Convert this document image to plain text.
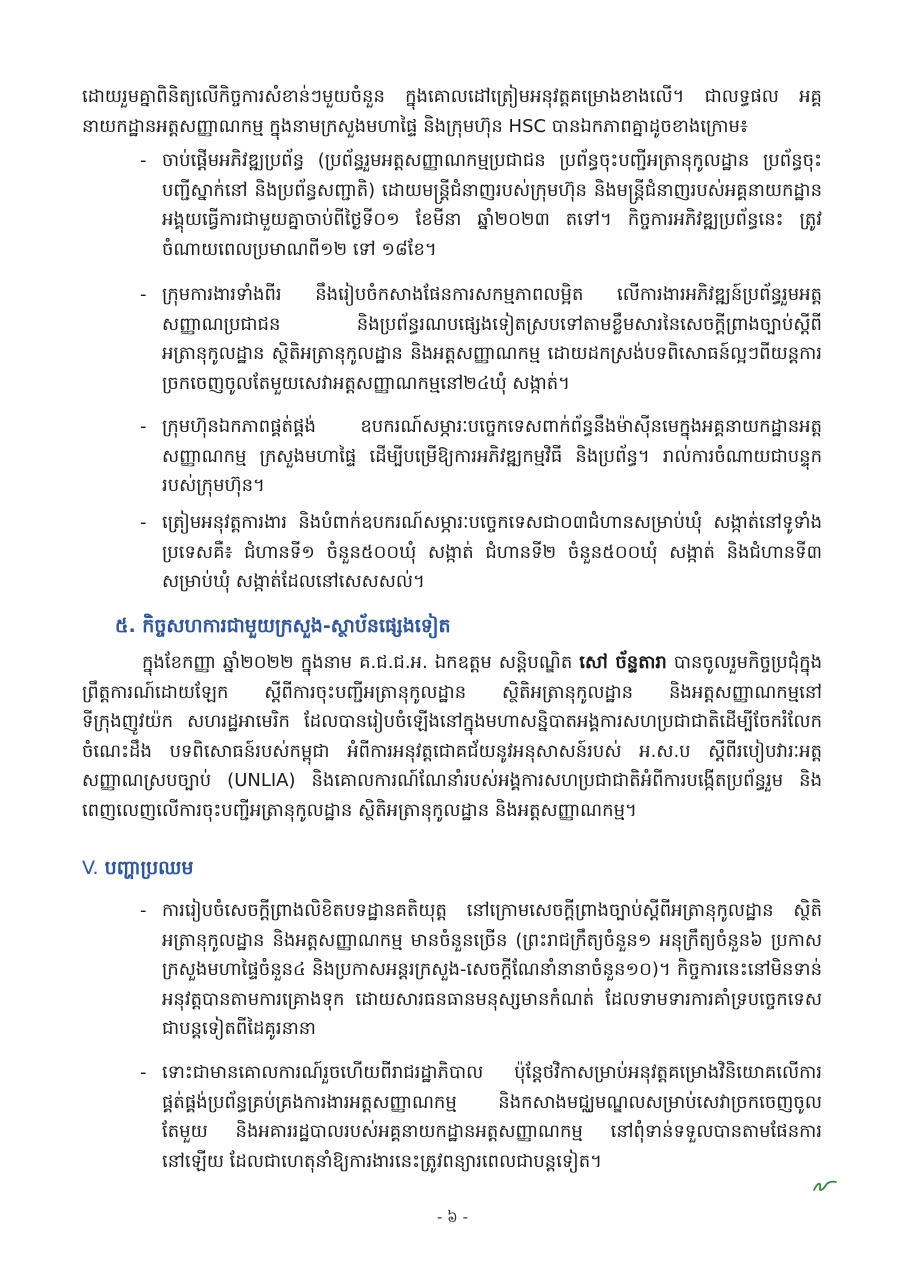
ដោយរួមគ្នាពិនិត្យលើកិច្ចការសំខាន់ៗមួយចំនួន ក្នុងគោលដៅត្រៀមអនុវត្តគម្រោងខាងលើ។ ជាលទ្ធផល អគ្គនាយកដ្ឋានអត្តសញ្ញាណកម្ម ក្នុងនាមក្រសួងមហាផ្ទៃ និងក្រុមហ៊ុន HSC បានឯកភាពគ្នាដូចខាងក្រោម៖
- ចាប់ផ្ដើមអភិវឌ្ឍប្រព័ន្ធ (ប្រព័ន្ធរួមអត្តសញ្ញាណកម្មប្រជាជន ប្រព័ន្ធចុះបញ្ជីអត្រានុកូលដ្ឋាន ប្រព័ន្ធចុះបញ្ជីស្នាក់នៅ និងប្រព័ន្ធសញ្ជាតិ) ដោយមន្ត្រីជំនាញរបស់ក្រុមហ៊ុន និងមន្ត្រីជំនាញរបស់អគ្គនាយកដ្ឋានអង្គុយធ្វើការជាមួយគ្នាចាប់ពីថ្ងៃទី០១ ខែមីនា ឆ្នាំ២០២៣ តទៅ។ កិច្ចការអភិវឌ្ឍប្រព័ន្ធនេះ ត្រូវចំណាយពេលប្រមាណពី១២ ទៅ ១៨ខែ។
- ក្រុមការងារទាំងពីរ នឹងរៀបចំកសាងផែនការសកម្មភាពលម្អិត លើការងារអភិវឌ្ឍន៍ប្រព័ន្ធរួមអត្តសញ្ញាណប្រជាជន និងប្រព័ន្ធរណបផ្សេងទៀតស្របទៅតាមខ្លឹមសារនៃសេចក្ដីព្រាងច្បាប់ស្ដីពីអត្រានុកូលដ្ឋាន ស្ថិតិអត្រានុកូលដ្ឋាន និងអត្តសញ្ញាណកម្ម ដោយដកស្រង់បទពិសោធន៍ល្អៗពីយន្តការច្រកចេញចូលតែមួយសេវាអត្តសញ្ញាណកម្មនៅ២៤ឃុំ សង្កាត់។
- ក្រុមហ៊ុនឯកភាពផ្គត់ផ្គង់ ឧបករណ៍សម្ភារៈបច្ចេកទេសពាក់ព័ន្ធនឹងម៉ាស៊ីនមេក្នុងអគ្គនាយកដ្ឋានអត្តសញ្ញាណកម្ម ក្រសួងមហាផ្ទៃ ដើម្បីបម្រើឱ្យការអភិវឌ្ឍកម្មវិធី និងប្រព័ន្ធ។ រាល់ការចំណាយជាបន្ទុករបស់ក្រុមហ៊ុន។
- ត្រៀមអនុវត្តការងារ និងបំពាក់ឧបករណ៍សម្ភារៈបច្ចេកទេសជា០៣ជំហានសម្រាប់ឃុំ សង្កាត់នៅទូទាំងប្រទេសគឺ៖ ជំហានទី១ ចំនួន៥០០ឃុំ សង្កាត់ ជំហានទី២ ចំនួន៥០០ឃុំ សង្កាត់ និងជំហានទី៣ សម្រាប់ឃុំ សង្កាត់ដែលនៅសេសសល់។
៥. កិច្ចសហការជាមួយក្រសួង-ស្ថាប័នផ្សេងទៀត
ក្នុងខែកញ្ញា ឆ្នាំ២០២២ ក្នុងនាម គ.ជ.ជ.អ. ឯកឧត្ដម សន្តិបណ្ឌិត សៅ ច័ន្ទតារា បានចូលរួមកិច្ចប្រជុំក្នុងព្រឹត្តការណ៍ដោយឡែក ស្ដីពីការចុះបញ្ជីអត្រានុកូលដ្ឋាន ស្ថិតិអត្រានុកូលដ្ឋាន និងអត្តសញ្ញាណកម្មនៅទីក្រុងញូវយ៉ក សហរដ្ឋអាមេរិក ដែលបានរៀបចំឡើងនៅក្នុងមហាសន្និបាតអង្គការសហប្រជាជាតិដើម្បីចែករំលែកចំណេះដឹង បទពិសោធន៍របស់កម្ពុជា អំពីការអនុវត្តជោគជ័យនូវអនុសាសន៍របស់ អ.ស.ប ស្ដីពីរបៀបវារៈអត្តសញ្ញាណស្របច្បាប់ (UNLIA) និងគោលការណ៍ណែនាំរបស់អង្គការសហប្រជាជាតិអំពីការបង្កើតប្រព័ន្ធរួម និងពេញលេញលើការចុះបញ្ជីអត្រានុកូលដ្ឋាន ស្ថិតិអត្រានុកូលដ្ឋាន និងអត្តសញ្ញាណកម្ម។
V. បញ្ហាប្រឈម
- ការរៀបចំសេចក្ដីព្រាងលិខិតបទដ្ឋានគតិយុត្ត នៅក្រោមសេចក្ដីព្រាងច្បាប់ស្ដីពីអត្រានុកូលដ្ឋាន ស្ថិតិអត្រានុកូលដ្ឋាន និងអត្តសញ្ញាណកម្ម មានចំនួនច្រើន (ព្រះរាជក្រឹត្យចំនួន១ អនុក្រឹត្យចំនួន៦ ប្រកាសក្រសួងមហាផ្ទៃចំនួន៤ និងប្រកាសអន្តរក្រសួង-សេចក្ដីណែនាំនានាចំនួន១០)។ កិច្ចការនេះនៅមិនទាន់អនុវត្តបានតាមការគ្រោងទុក ដោយសារធនធានមនុស្សមានកំណត់ ដែលទាមទារការគាំទ្របច្ចេកទេសជាបន្តទៀតពីដៃគូរនានា
- ទោះជាមានគោលការណ៍រួចហើយពីរាជរដ្ឋាភិបាល ប៉ុន្តែថវិកាសម្រាប់អនុវត្តគម្រោងវិនិយោគលើការផ្គត់ផ្គង់ប្រព័ន្ធគ្រប់គ្រងការងារអត្តសញ្ញាណកម្ម និងកសាងមជ្ឈមណ្ឌលសម្រាប់សេវាច្រកចេញចូលតែមួយ និងអគាររដ្ឋបាលរបស់អគ្គនាយកដ្ឋានអត្តសញ្ញាណកម្ម នៅពុំទាន់ទទួលបានតាមផែនការនៅឡើយ ដែលជាហេតុនាំឱ្យការងារនេះត្រូវពន្យារពេលជាបន្តទៀត។
- ៦ -
